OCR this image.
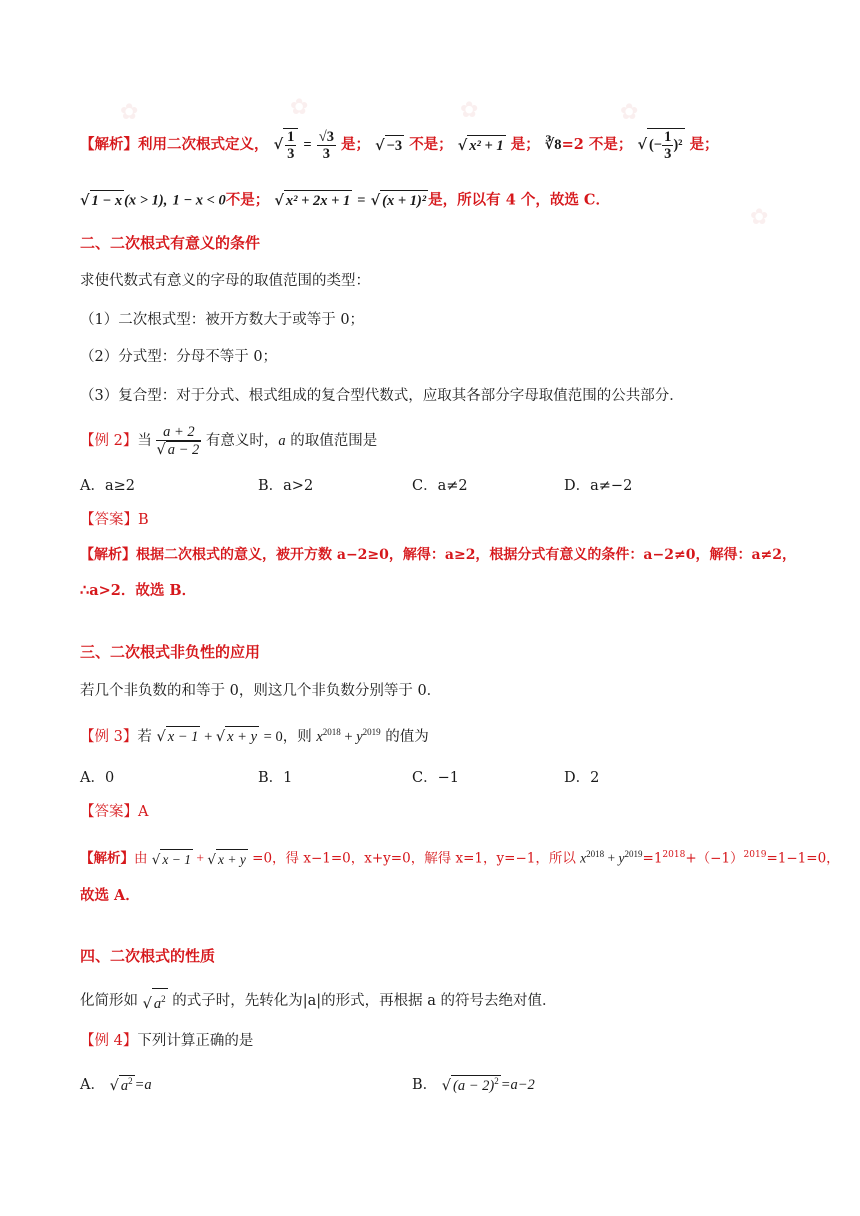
✿	✿	✿	✿
✿
【解析】利用二次根式定义， √ $\frac{1}{3} = \frac{√3}{3}$ 是； √ −3 不是； √ x² + 1 是； ∛8=2 不是； √ (− $\frac{1}{3} )^2$ 是；
√ 1 − x (x > 1), 1 − x < 0不是； √ x² + 2x + 1 = √ (x + 1)² 是，所以有 4 个，故选 C．
二、二次根式有意义的条件
求使代数式有意义的字母的取值范围的类型：
（1）二次根式型：被开方数大于或等于 0；
（2）分式型：分母不等于 0；
（3）复合型：对于分式、根式组成的复合型代数式，应取其各部分字母取值范围的公共部分．
【例 2】当 $\frac{a + 2}{√ a - 2}$ 有意义时，a 的取值范围是
A．a≥2	B．a>2	C．a≠2	D．a≠−2
【答案】B
【解析】根据二次根式的意义，被开方数 a−2≥0，解得：a≥2，根据分式有意义的条件：a−2≠0，解得：a≠2，
∴a>2．故选 B．
三、二次根式非负性的应用
若几个非负数的和等于 0，则这几个非负数分别等于 0．
【例 3】若 √ x − 1 + √ x + y = 0，则 $x^{2018} + y^{2019}$ 的值为
A．0	B．1	C．−1	D．2
【答案】A
【解析】由 √ x − 1 + √ x + y =0，得 x−1=0，x+y=0，解得 x=1，y=−1，所以 $x^{2018} + y^{2019}=1^{2018}+(-1)^{2019}=1-1=0$，
故选 A．
四、二次根式的性质
化简形如 √ $a^2$ 的式子时，先转化为|a|的形式，再根据 a 的符号去绝对值．
【例 4】下列计算正确的是
A． √ $a^2 =a$	B． √ $(a - 2)^2 =a-2$
